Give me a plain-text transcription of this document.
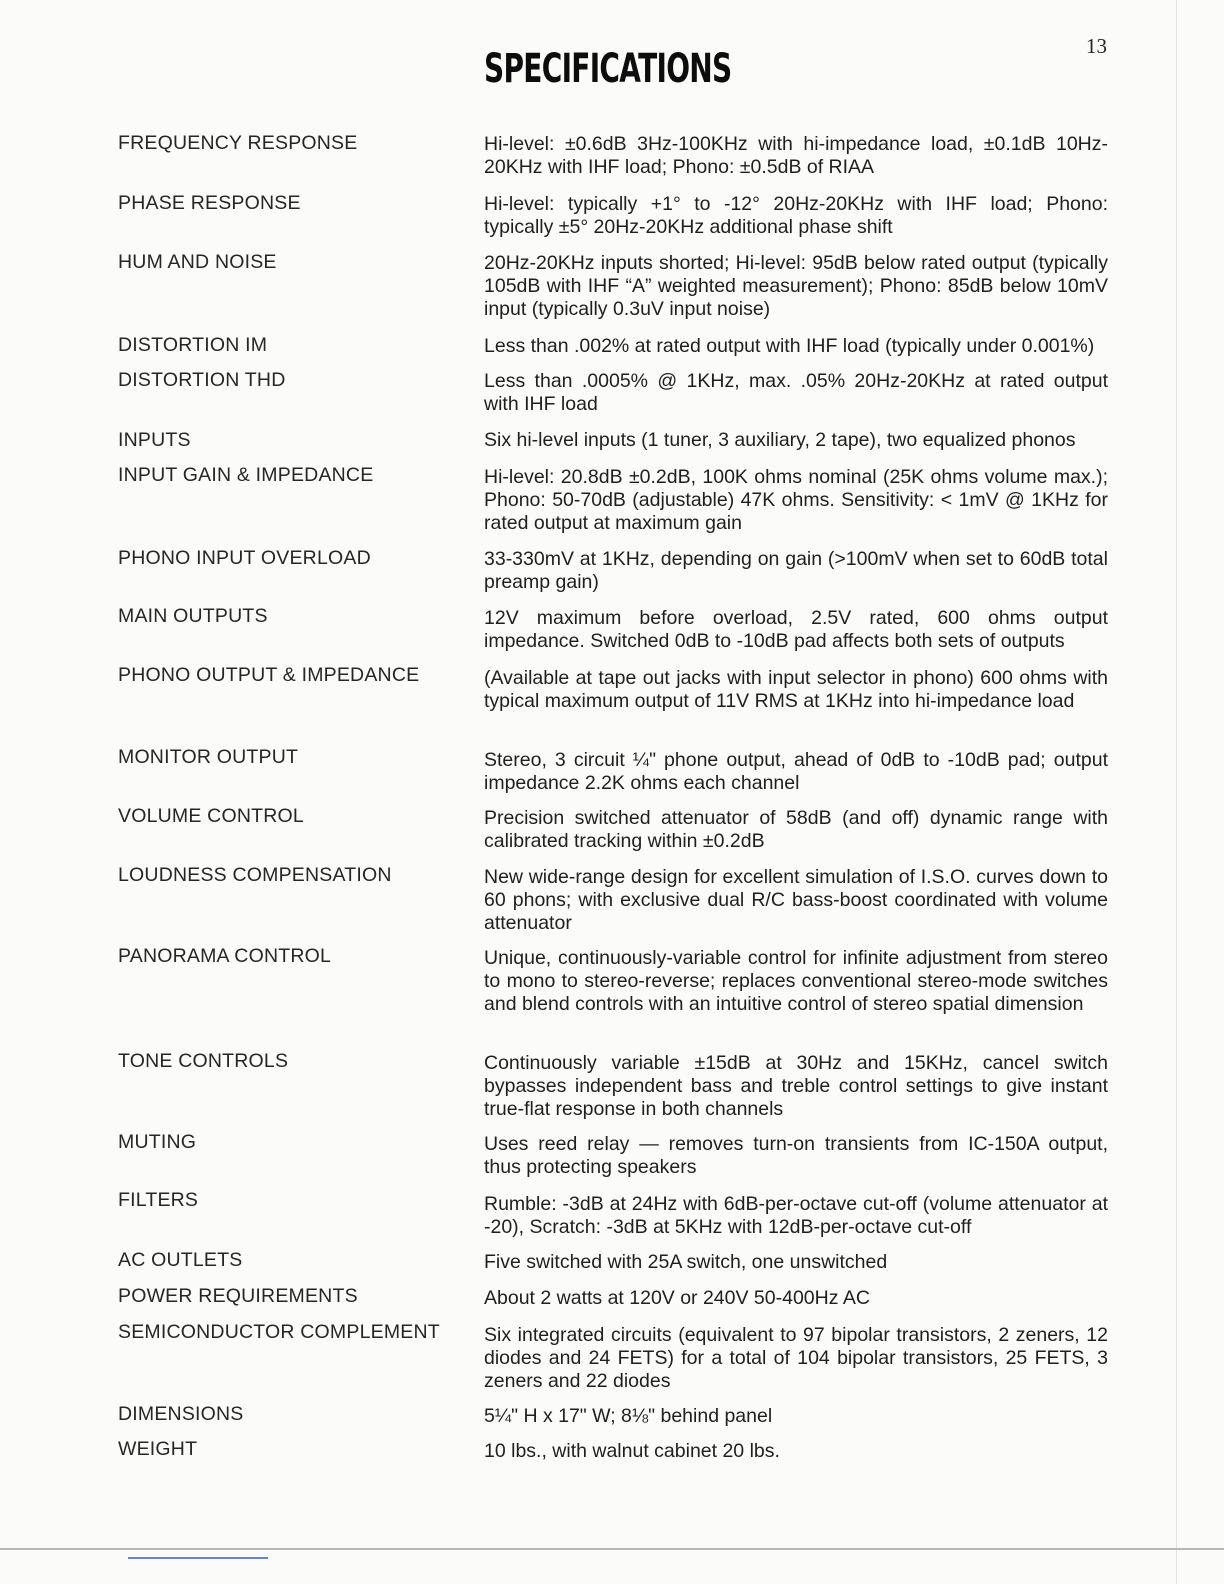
13
SPECIFICATIONS
FREQUENCY RESPONSE	Hi-level: ±0.6dB 3Hz-100KHz with hi-impedance load, ±0.1dB 10Hz-20KHz with IHF load; Phono: ±0.5dB of RIAA
PHASE RESPONSE	Hi-level: typically +1° to -12° 20Hz-20KHz with IHF load; Phono: typically ±5° 20Hz-20KHz additional phase shift
HUM AND NOISE	20Hz-20KHz inputs shorted; Hi-level: 95dB below rated output (typically 105dB with IHF “A” weighted measurement); Phono: 85dB below 10mV input (typically 0.3uV input noise)
DISTORTION IM	Less than .002% at rated output with IHF load (typically under 0.001%)
DISTORTION THD	Less than .0005% @ 1KHz, max. .05% 20Hz-20KHz at rated output with IHF load
INPUTS	Six hi-level inputs (1 tuner, 3 auxiliary, 2 tape), two equalized phonos
INPUT GAIN & IMPEDANCE	Hi-level: 20.8dB ±0.2dB, 100K ohms nominal (25K ohms volume max.); Phono: 50-70dB (adjustable) 47K ohms. Sensitivity: < 1mV @ 1KHz for rated output at maximum gain
PHONO INPUT OVERLOAD	33-330mV at 1KHz, depending on gain (>100mV when set to 60dB total preamp gain)
MAIN OUTPUTS	12V maximum before overload, 2.5V rated, 600 ohms output impedance. Switched 0dB to -10dB pad affects both sets of outputs
PHONO OUTPUT & IMPEDANCE	(Available at tape out jacks with input selector in phono) 600 ohms with typical maximum output of 11V RMS at 1KHz into hi-impedance load
MONITOR OUTPUT	Stereo, 3 circuit ¼" phone output, ahead of 0dB to -10dB pad; output impedance 2.2K ohms each channel
VOLUME CONTROL	Precision switched attenuator of 58dB (and off) dynamic range with calibrated tracking within ±0.2dB
LOUDNESS COMPENSATION	New wide-range design for excellent simulation of I.S.O. curves down to 60 phons; with exclusive dual R/C bass-boost coordinated with volume attenuator
PANORAMA CONTROL	Unique, continuously-variable control for infinite adjustment from stereo to mono to stereo-reverse; replaces conventional stereo-mode switches and blend controls with an intuitive control of stereo spatial dimension
TONE CONTROLS	Continuously variable ±15dB at 30Hz and 15KHz, cancel switch bypasses independent bass and treble control settings to give instant true-flat response in both channels
MUTING	Uses reed relay — removes turn-on transients from IC-150A output, thus protecting speakers
FILTERS	Rumble: -3dB at 24Hz with 6dB-per-octave cut-off (volume attenuator at -20), Scratch: -3dB at 5KHz with 12dB-per-octave cut-off
AC OUTLETS	Five switched with 25A switch, one unswitched
POWER REQUIREMENTS	About 2 watts at 120V or 240V 50-400Hz AC
SEMICONDUCTOR COMPLEMENT Six integrated circuits (equivalent to 97 bipolar transistors, 2 zeners, 12 diodes and 24 FETS) for a total of 104 bipolar transistors, 25 FETS, 3 zeners and 22 diodes
DIMENSIONS	5¼" H x 17" W; 8⅛" behind panel
WEIGHT	10 lbs., with walnut cabinet 20 lbs.
